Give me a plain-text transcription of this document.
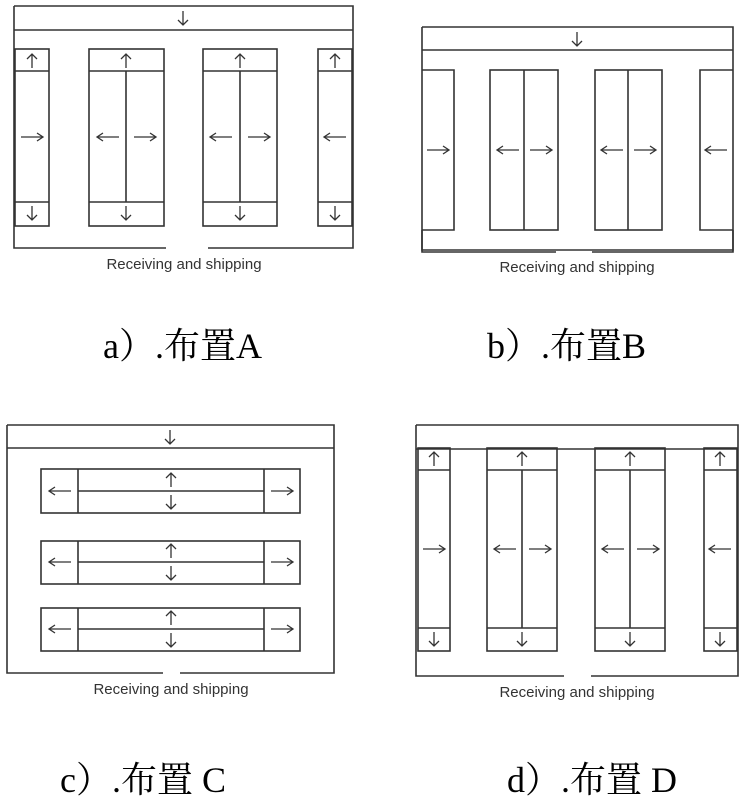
Receiving and shipping	Receiving and shipping
Receiving and shipping	Receiving and shipping
a）.布置A	b）.布置B
c）.布置 C	d）.布置 D
